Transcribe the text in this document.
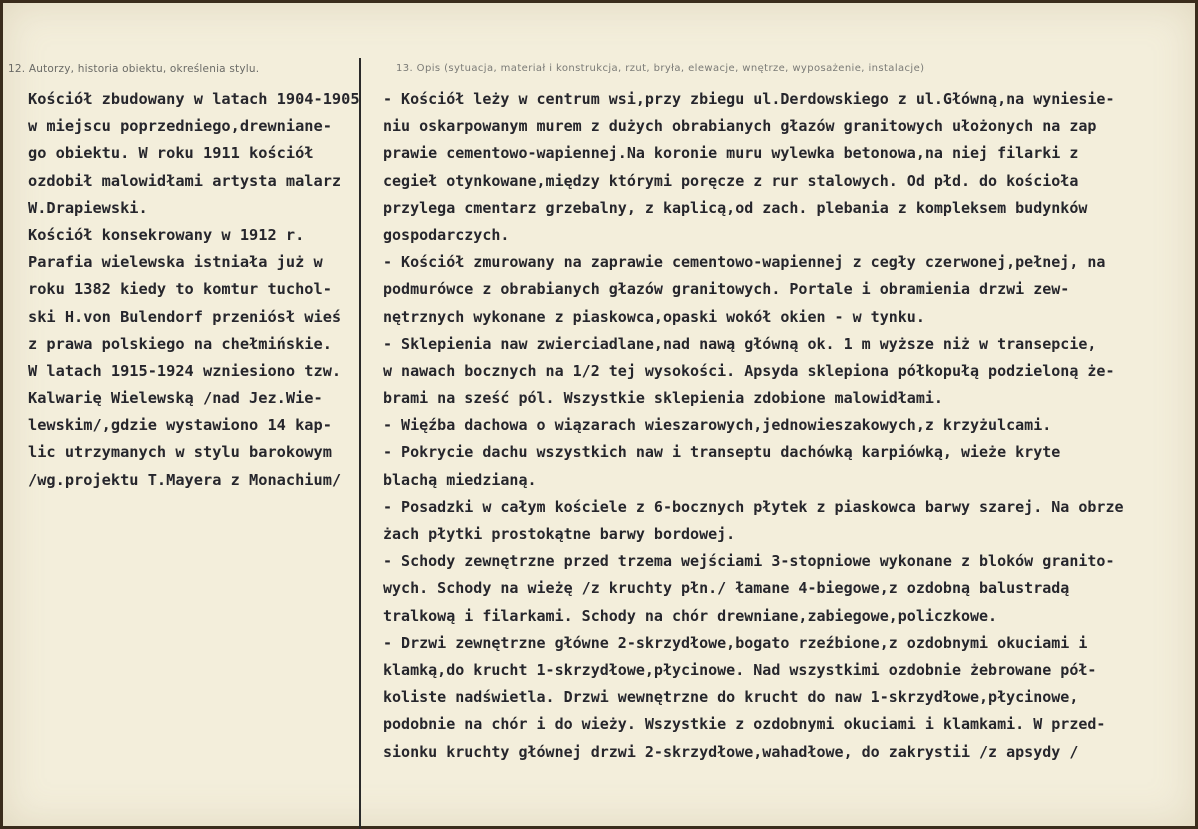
12. Autorzy, historia obiektu, określenia stylu.	13. Opis (sytuacja, materiał i konstrukcja, rzut, bryła, elewacje, wnętrze, wyposażenie, instalacje)

Kościół zbudowany w latach 1904-1905
w miejscu poprzedniego,drewniane-
go obiektu. W roku 1911 kościół
ozdobił malowidłami artysta malarz
W.Drapiewski.
Kościół konsekrowany w 1912 r.
Parafia wielewska istniała już w
roku 1382 kiedy to komtur tuchol-
ski H.von Bulendorf przeniósł wieś
z prawa polskiego na chełmińskie.
W latach 1915-1924 wzniesiono tzw.
Kalwarię Wielewską /nad Jez.Wie-
lewskim/,gdzie wystawiono 14 kap-
lic utrzymanych w stylu barokowym
/wg.projektu T.Mayera z Monachium/
- Kościół leży w centrum wsi,przy zbiegu ul.Derdowskiego z ul.Główną,na wyniesie-
niu oskarpowanym murem z dużych obrabianych głazów granitowych ułożonych na zap
prawie cementowo-wapiennej.Na koronie muru wylewka betonowa,na niej filarki z
cegieł otynkowane,między którymi poręcze z rur stalowych. Od płd. do kościoła
przylega cmentarz grzebalny, z kaplicą,od zach. plebania z kompleksem budynków
gospodarczych.
- Kościół zmurowany na zaprawie cementowo-wapiennej z cegły czerwonej,pełnej, na
podmurówce z obrabianych głazów granitowych. Portale i obramienia drzwi zew-
nętrznych wykonane z piaskowca,opaski wokół okien - w tynku.
- Sklepienia naw zwierciadlane,nad nawą główną ok. 1 m wyższe niż w transepcie,
w nawach bocznych na 1/2 tej wysokości. Apsyda sklepiona półkopułą podzieloną że-
brami na sześć pól. Wszystkie sklepienia zdobione malowidłami.
- Więźba dachowa o wiązarach wieszarowych,jednowieszakowych,z krzyżulcami.
- Pokrycie dachu wszystkich naw i transeptu dachówką karpiówką, wieże kryte
blachą miedzianą.
- Posadzki w całym kościele z 6-bocznych płytek z piaskowca barwy szarej. Na obrze
żach płytki prostokątne barwy bordowej.
- Schody zewnętrzne przed trzema wejściami 3-stopniowe wykonane z bloków granito-
wych. Schody na wieżę /z kruchty płn./ łamane 4-biegowe,z ozdobną balustradą
tralkową i filarkami. Schody na chór drewniane,zabiegowe,policzkowe.
- Drzwi zewnętrzne główne 2-skrzydłowe,bogato rzeźbione,z ozdobnymi okuciami i
klamką,do krucht 1-skrzydłowe,płycinowe. Nad wszystkimi ozdobnie żebrowane pół-
koliste nadświetla. Drzwi wewnętrzne do krucht do naw 1-skrzydłowe,płycinowe,
podobnie na chór i do wieży. Wszystkie z ozdobnymi okuciami i klamkami. W przed-
sionku kruchty głównej drzwi 2-skrzydłowe,wahadłowe, do zakrystii /z apsydy /
